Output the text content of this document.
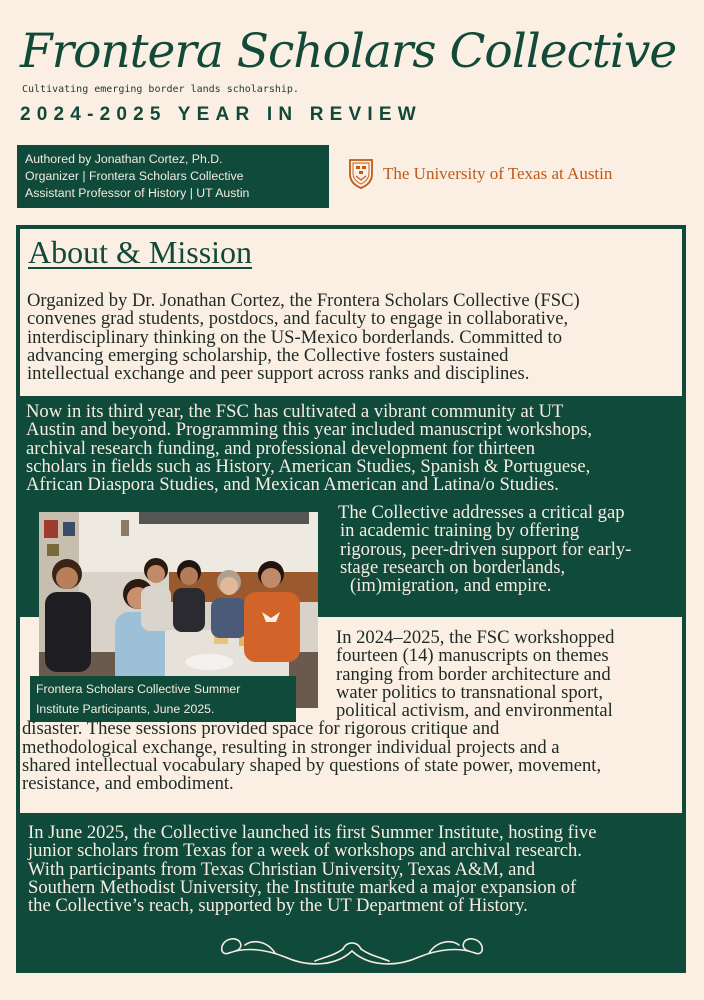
Frontera Scholars Collective
Cultivating emerging border lands scholarship.
2024-2025 YEAR IN REVIEW
Authored by Jonathan Cortez, Ph.D.
Organizer | Frontera Scholars Collective
Assistant Professor of History | UT Austin
The University of Texas at Austin
About & Mission
Organized by Dr. Jonathan Cortez, the Frontera Scholars Collective (FSC)
convenes grad students, postdocs, and faculty to engage in collaborative,
interdisciplinary thinking on the US-Mexico borderlands. Committed to
advancing emerging scholarship, the Collective fosters sustained
intellectual exchange and peer support across ranks and disciplines.
Now in its third year, the FSC has cultivated a vibrant community at UT
Austin and beyond. Programming this year included manuscript workshops,
archival research funding, and professional development for thirteen
scholars in fields such as History, American Studies, Spanish & Portuguese,
African Diaspora Studies, and Mexican American and Latina/o Studies.
The Collective addresses a critical gap
in academic training by offering
rigorous, peer-driven support for early-
stage research on borderlands,
(im)migration, and empire.
Frontera Scholars Collective Summer
Institute Participants, June 2025.
In 2024–2025, the FSC workshopped
fourteen (14) manuscripts on themes
ranging from border architecture and
water politics to transnational sport,
political activism, and environmental
disaster. These sessions provided space for rigorous critique and
methodological exchange, resulting in stronger individual projects and a
shared intellectual vocabulary shaped by questions of state power, movement,
resistance, and embodiment.
In June 2025, the Collective launched its first Summer Institute, hosting five
junior scholars from Texas for a week of workshops and archival research.
With participants from Texas Christian University, Texas A&M, and
Southern Methodist University, the Institute marked a major expansion of
the Collective’s reach, supported by the UT Department of History.
